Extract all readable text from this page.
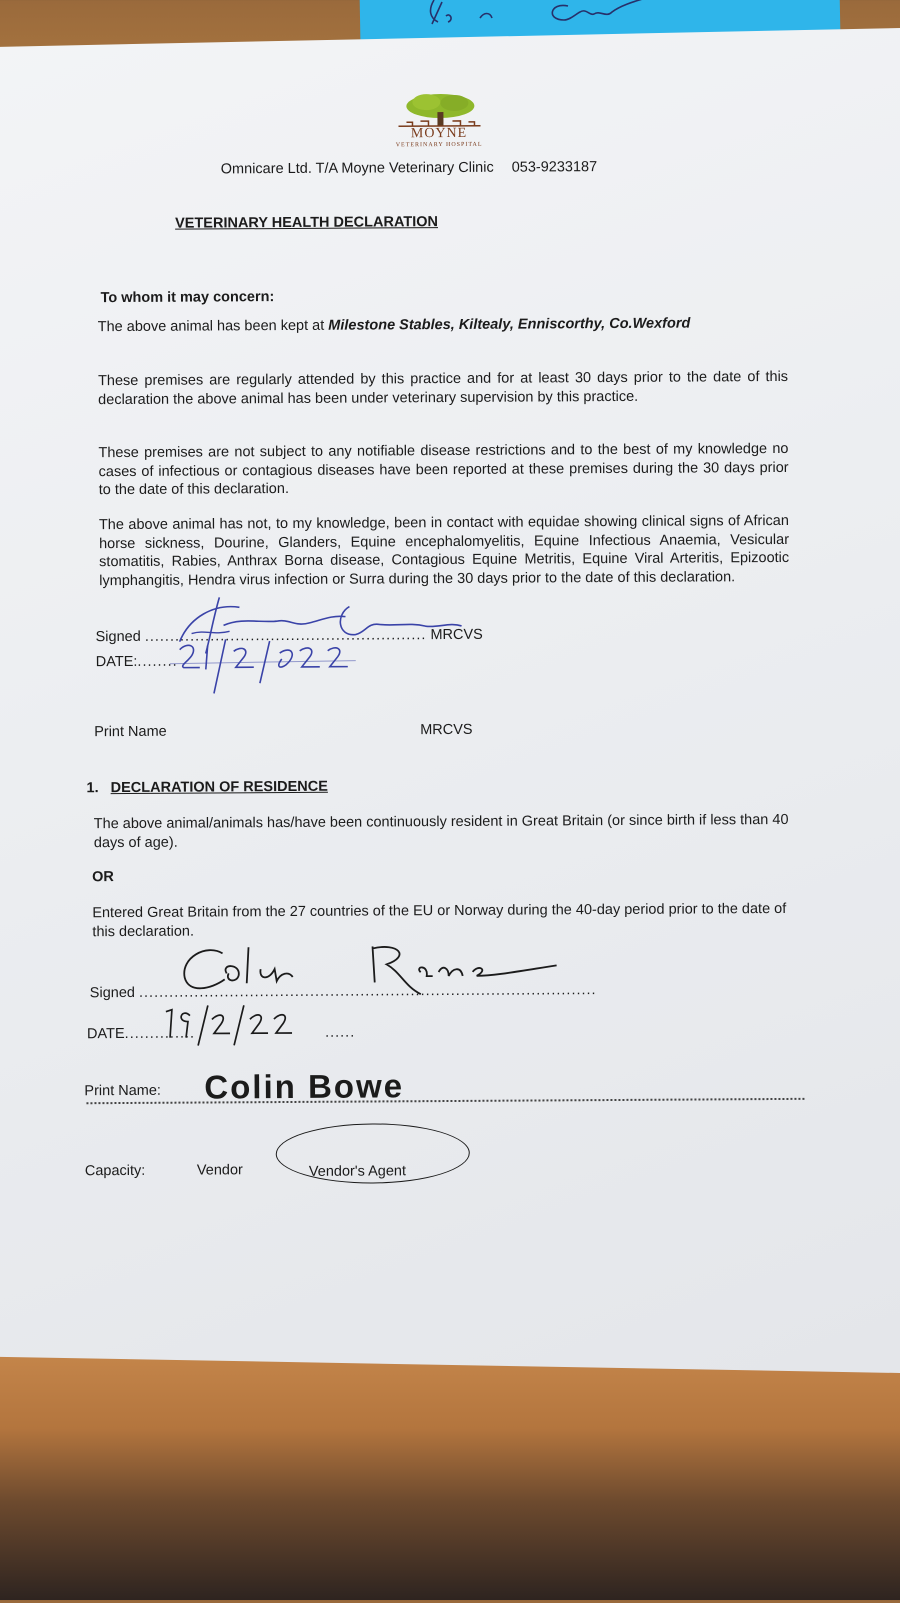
MOYNE
VETERINARY HOSPITAL
Omnicare Ltd. T/A Moyne Veterinary Clinic 053-9233187
VETERINARY HEALTH DECLARATION
To whom it may concern:
The above animal has been kept at Milestone Stables, Kiltealy, Enniscorthy, Co.Wexford
These premises are regularly attended by this practice and for at least 30 days prior to the date of this declaration the above animal has been under veterinary supervision by this practice.
These premises are not subject to any notifiable disease restrictions and to the best of my knowledge no cases of infectious or contagious diseases have been reported at these premises during the 30 days prior to the date of this declaration.
The above animal has not, to my knowledge, been in contact with equidae showing clinical signs of African horse sickness, Dourine, Glanders, Equine encephalomyelitis, Equine Infectious Anaemia, Vesicular stomatitis, Rabies, Anthrax Borna disease, Contagious Equine Metritis, Equine Viral Arteritis, Epizootic lymphangitis, Hendra virus infection or Surra during the 30 days prior to the date of this declaration.
Signed ........................................................ MRCVS
DATE:........
Print Name	MRCVS
1. DECLARATION OF RESIDENCE
The above animal/animals has/have been continuously resident in Great Britain (or since birth if less than 40 days of age).
OR
Entered Great Britain from the 27 countries of the EU or Norway during the 40-day period prior to the date of this declaration.
Signed ...........................................................................................
DATE..............	......
Print Name: Colin Bowe
Capacity:	Vendor	Vendor's Agent
